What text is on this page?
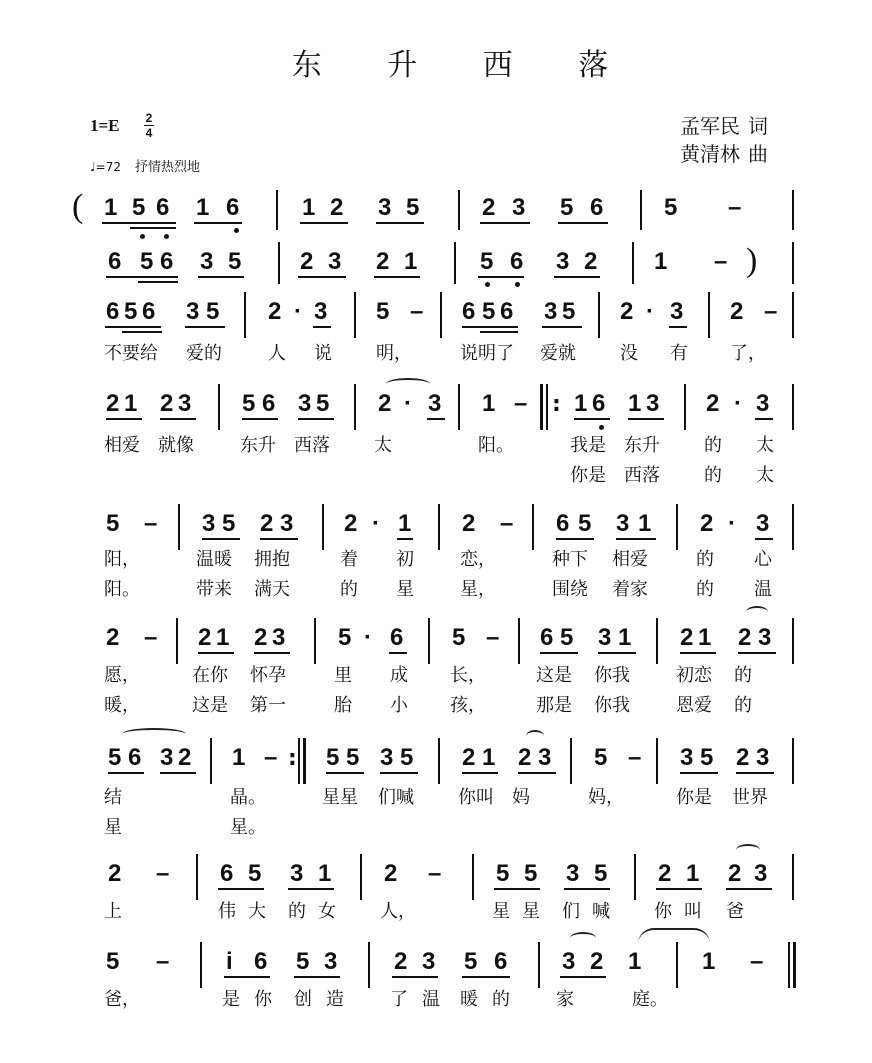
东 升 西 落
1=E 2
4
♩=72 抒情热烈地
孟军民 词
黄清林 曲
( 1 5 6 1 6	1 2 3 5	2 3 5 6	5 –
6 5 6 3 5 2 3 2 1	5 6 3 2 1 – )
6 5 6 3 5 2 · 3 5 – 6 5 6 3 5 2 · 3 2 –
不要给 爱的	人 说 明，	说明了 爱就 没 有 了，
2 1 2 3 5 6 3 5 2 · 3 1 – : 1 6 1 3 2 · 3
相爱 就像	东升 西落 太	阳。	我是 东升 的 太
你是 西落 的 太
5 – 3 5 2 3 2 · 1 2 – 6 5 3 1 2 · 3
阳，	温暖 拥抱	着 初	恋，	种下 相爱	的 心
阳。	带来 满天	的 星	星，	围绕 着家	的 温
2 – 2 1 2 3 5 · 6 5 – 6 5 3 1 2 1 2 3
愿，	在你 怀孕	里 成 长，	这是 你我	初恋 的
暖，	这是 第一	胎 小 孩，	那是 你我	恩爱 的
5 6 3 2 1 – : 5 5 3 5 2 1 2 3 5 – 3 5 2 3
结	晶。	星星 们喊 你叫 妈	妈，	你是 世界
星	星。
2 – 6 5 3 1 2 – 5 5 3 5 2 1 2 3
上	伟大 的女 人，	星星 们喊 你叫 爸
5 – i 6 5 3 2 3 5 6 3 2 1	1 –
爸，	是你 创造 了温 暖的 家	庭。
